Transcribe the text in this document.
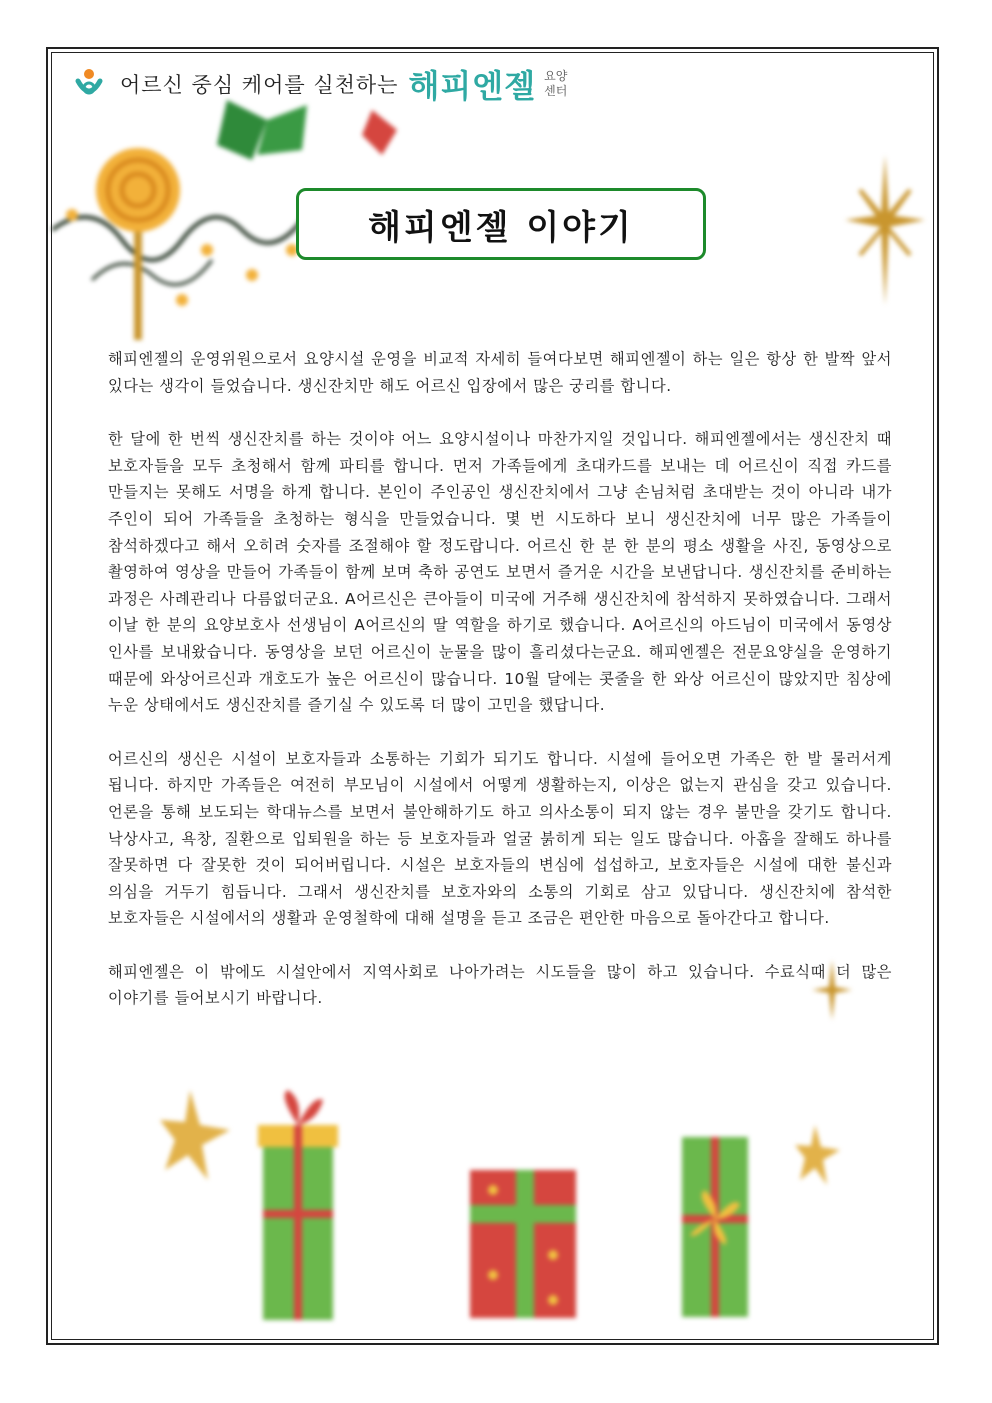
어르신 중심 케어를 실천하는 해피엔젤 요양
센터
해피엔젤 이야기

해피엔젤의 운영위원으로서 요양시설 운영을 비교적 자세히 들여다보면 해피엔젤이 하는 일은 항상 한 발짝 앞서 있다는 생각이 들었습니다. 생신잔치만 해도 어르신 입장에서 많은 궁리를 합니다.

한 달에 한 번씩 생신잔치를 하는 것이야 어느 요양시설이나 마찬가지일 것입니다. 해피엔젤에서는 생신잔치 때 보호자들을 모두 초청해서 함께 파티를 합니다. 먼저 가족들에게 초대카드를 보내는 데 어르신이 직접 카드를 만들지는 못해도 서명을 하게 합니다. 본인이 주인공인 생신잔치에서 그냥 손님처럼 초대받는 것이 아니라 내가 주인이 되어 가족들을 초청하는 형식을 만들었습니다. 몇 번 시도하다 보니 생신잔치에 너무 많은 가족들이 참석하겠다고 해서 오히려 숫자를 조절해야 할 정도랍니다. 어르신 한 분 한 분의 평소 생활을 사진, 동영상으로 촬영하여 영상을 만들어 가족들이 함께 보며 축하 공연도 보면서 즐거운 시간을 보낸답니다. 생신잔치를 준비하는 과정은 사례관리나 다름없더군요. A어르신은 큰아들이 미국에 거주해 생신잔치에 참석하지 못하였습니다. 그래서 이날 한 분의 요양보호사 선생님이 A어르신의 딸 역할을 하기로 했습니다. A어르신의 아드님이 미국에서 동영상 인사를 보내왔습니다. 동영상을 보던 어르신이 눈물을 많이 흘리셨다는군요. 해피엔젤은 전문요양실을 운영하기 때문에 와상어르신과 개호도가 높은 어르신이 많습니다. 10월 달에는 콧줄을 한 와상 어르신이 많았지만 침상에 누운 상태에서도 생신잔치를 즐기실 수 있도록 더 많이 고민을 했답니다.

어르신의 생신은 시설이 보호자들과 소통하는 기회가 되기도 합니다. 시설에 들어오면 가족은 한 발 물러서게 됩니다. 하지만 가족들은 여전히 부모님이 시설에서 어떻게 생활하는지, 이상은 없는지 관심을 갖고 있습니다. 언론을 통해 보도되는 학대뉴스를 보면서 불안해하기도 하고 의사소통이 되지 않는 경우 불만을 갖기도 합니다. 낙상사고, 욕창, 질환으로 입퇴원을 하는 등 보호자들과 얼굴 붉히게 되는 일도 많습니다. 아홉을 잘해도 하나를 잘못하면 다 잘못한 것이 되어버립니다. 시설은 보호자들의 변심에 섭섭하고, 보호자들은 시설에 대한 불신과 의심을 거두기 힘듭니다. 그래서 생신잔치를 보호자와의 소통의 기회로 삼고 있답니다. 생신잔치에 참석한 보호자들은 시설에서의 생활과 운영철학에 대해 설명을 듣고 조금은 편안한 마음으로 돌아간다고 합니다.

해피엔젤은 이 밖에도 시설안에서 지역사회로 나아가려는 시도들을 많이 하고 있습니다. 수료식때 더 많은 이야기를 들어보시기 바랍니다.
